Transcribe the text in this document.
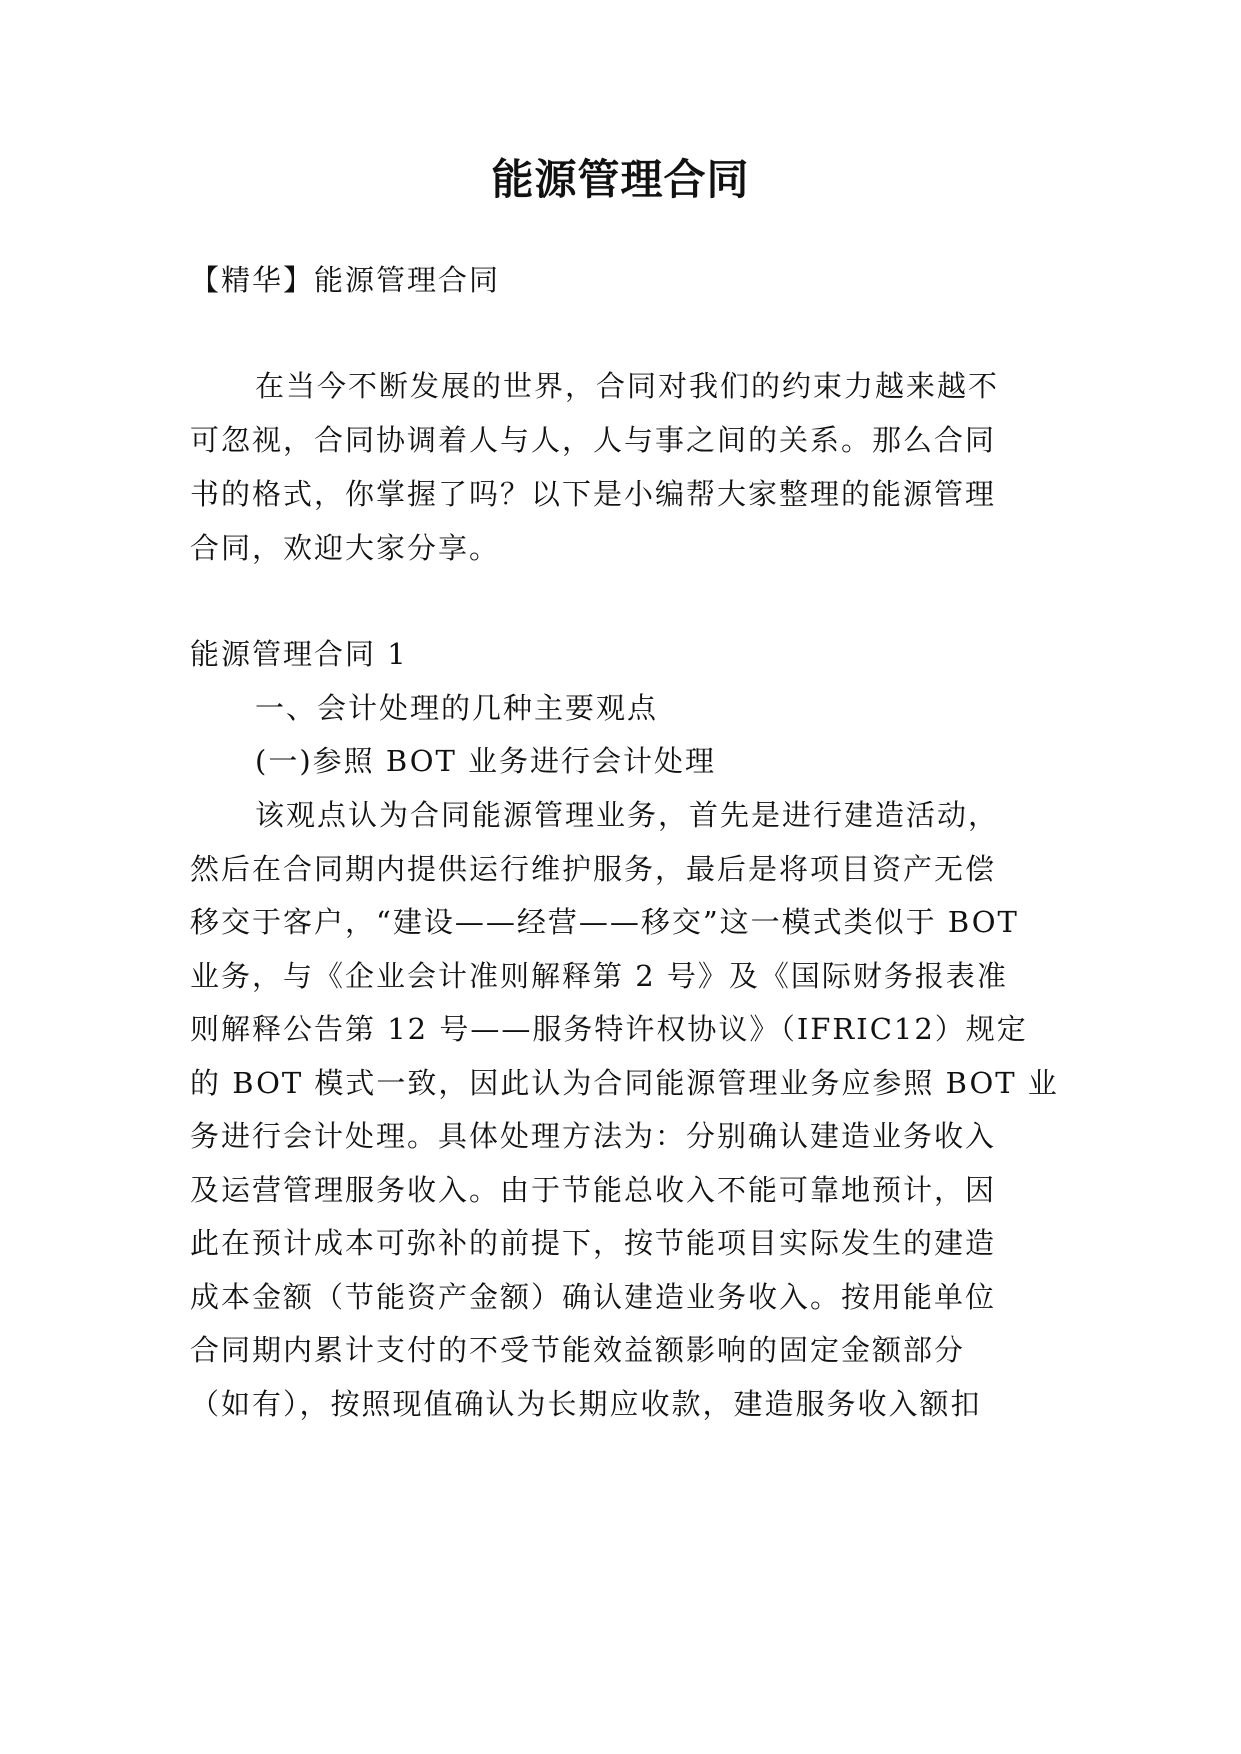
能源管理合同
【精华】能源管理合同
在当今不断发展的世界，合同对我们的约束力越来越不
可忽视，合同协调着人与人，人与事之间的关系。那么合同
书的格式，你掌握了吗？以下是小编帮大家整理的能源管理
合同，欢迎大家分享。
能源管理合同 1
一、会计处理的几种主要观点
(一)参照 BOT 业务进行会计处理
该观点认为合同能源管理业务，首先是进行建造活动，
然后在合同期内提供运行维护服务，最后是将项目资产无偿
移交于客户，“建设——经营——移交”这一模式类似于 BOT
业务，与《企业会计准则解释第 2 号》及《国际财务报表准
则解释公告第 12 号——服务特许权协议》（IFRIC12）规定
的 BOT 模式一致，因此认为合同能源管理业务应参照 BOT 业
务进行会计处理。具体处理方法为：分别确认建造业务收入
及运营管理服务收入。由于节能总收入不能可靠地预计，因
此在预计成本可弥补的前提下，按节能项目实际发生的建造
成本金额（节能资产金额）确认建造业务收入。按用能单位
合同期内累计支付的不受节能效益额影响的固定金额部分
（如有），按照现值确认为长期应收款，建造服务收入额扣
